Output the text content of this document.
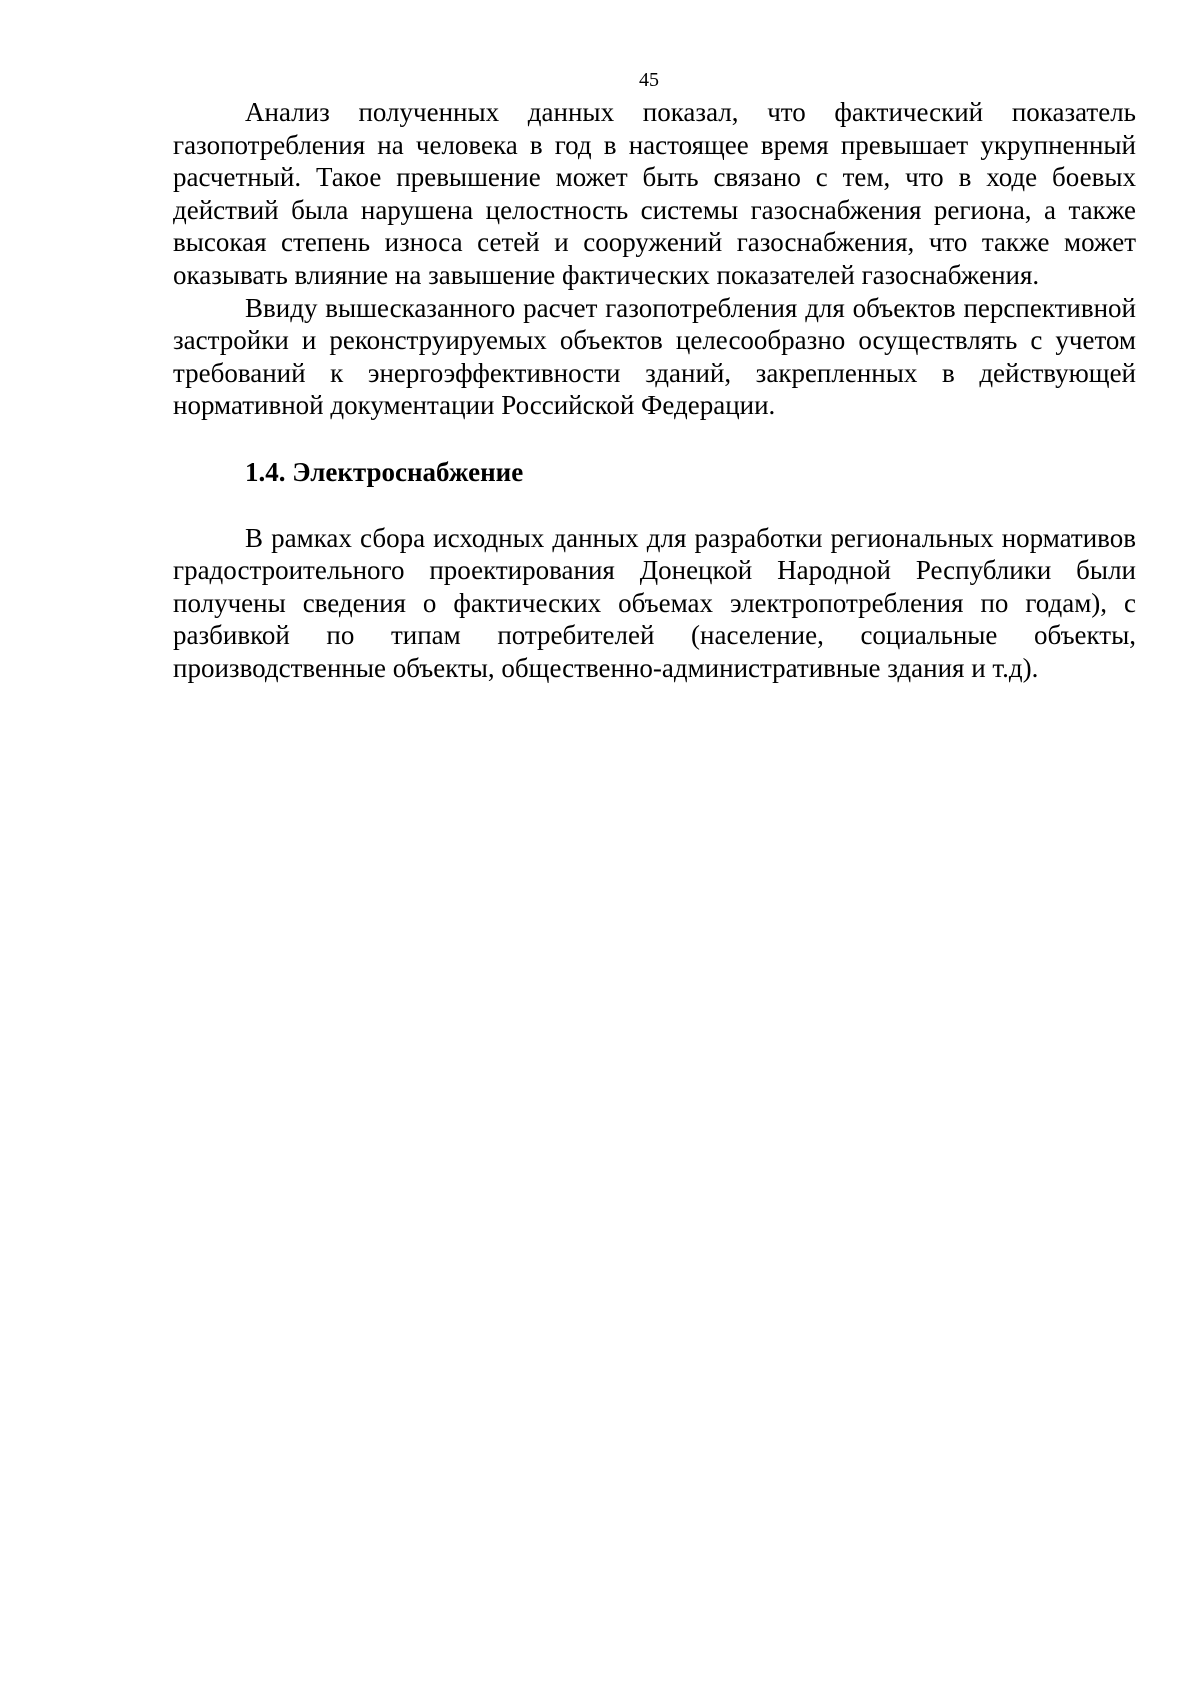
45

Анализ полученных данных показал, что фактический показатель газопотребления на человека в год в настоящее время превышает укрупненный расчетный. Такое превышение может быть связано с тем, что в ходе боевых действий была нарушена целостность системы газоснабжения региона, а также высокая степень износа сетей и сооружений газоснабжения, что также может оказывать влияние на завышение фактических показателей газоснабжения.

Ввиду вышесказанного расчет газопотребления для объектов перспективной застройки и реконструируемых объектов целесообразно осуществлять с учетом требований к энергоэффективности зданий, закрепленных в действующей нормативной документации Российской Федерации.

1.4. Электроснабжение

В рамках сбора исходных данных для разработки региональных нормативов градостроительного проектирования Донецкой Народной Республики были получены сведения о фактических объемах электропотребления по годам), с разбивкой по типам потребителей (население, социальные объекты, производственные объекты, общественно-административные здания и т.д).
